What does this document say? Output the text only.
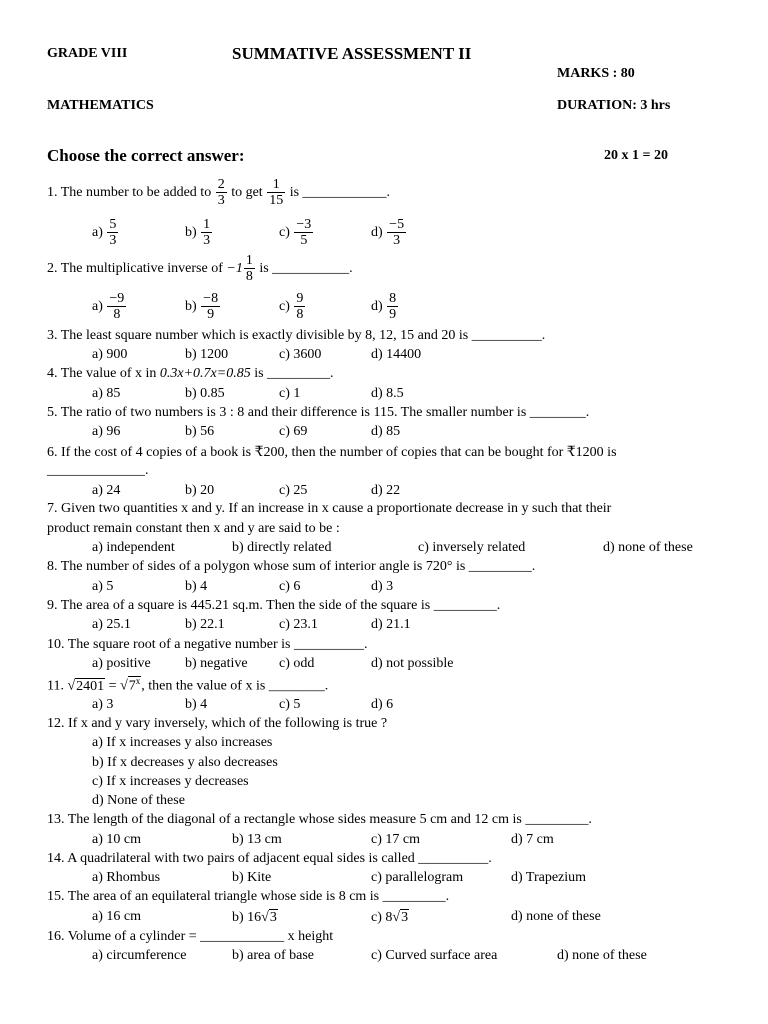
GRADE VIII	SUMMATIVE ASSESSMENT II
MARKS : 80
MATHEMATICS	DURATION: 3 hrs
Choose the correct answer:	20 x 1 = 20
1. The number to be added to $\frac{2}{3}$ to get $\frac{1}{15}$ is ____________.
$a) \frac{5}{3}$	$b) \frac{1}{3}$	$c) \frac{-3}{5}$	$d) \frac{-5}{3}$
2. The multiplicative inverse of $-1 \frac{1}{8}$ is ___________.
$a) \frac{-9}{8}$	$b) \frac{-8}{9}$	$c) \frac{9}{8}$	$d) \frac{8}{9}$
3. The least square number which is exactly divisible by 8, 12, 15 and 20 is __________.
a) 900	b) 1200	c) 3600	d) 14400
4. The value of x in 0.3x+0.7x=0.85 is _________.
a) 85	b) 0.85	c) 1	d) 8.5
5. The ratio of two numbers is 3 : 8 and their difference is 115. The smaller number is ________.
a) 96	b) 56	c) 69	d) 85
6. If the cost of 4 copies of a book is ₹200, then the number of copies that can be bought for ₹1200 is
______________.
a) 24	b) 20	c) 25	d) 22
7. Given two quantities x and y. If an increase in x cause a proportionate decrease in y such that their
product remain constant then x and y are said to be :
a) independent	b) directly related	c) inversely related	d) none of these
8. The number of sides of a polygon whose sum of interior angle is 720° is _________.
a) 5	b) 4	c) 6	d) 3
9. The area of a square is 445.21 sq.m. Then the side of the square is _________.
a) 25.1	b) 22.1	c) 23.1	d) 21.1
10. The square root of a negative number is __________.
a) positive b) negative c) odd	d) not possible
11. $√2401 = √7^x$, then the value of x is ________.
a) 3	b) 4	c) 5	d) 6
12. If x and y vary inversely, which of the following is true ?
a) If x increases y also increases
b) If x decreases y also decreases
c) If x increases y decreases
d) None of these
13. The length of the diagonal of a rectangle whose sides measure 5 cm and 12 cm is _________.
a) 10 cm	b) 13 cm	c) 17 cm	d) 7 cm
14. A quadrilateral with two pairs of adjacent equal sides is called __________.
a) Rhombus	b) Kite	c) parallelogram	d) Trapezium
15. The area of an equilateral triangle whose side is 8 cm is _________.
a) 16 cm	b) 16√3	c) 8√3	d) none of these
16. Volume of a cylinder = ____________ x height
a) circumference	b) area of base	c) Curved surface area	d) none of these
